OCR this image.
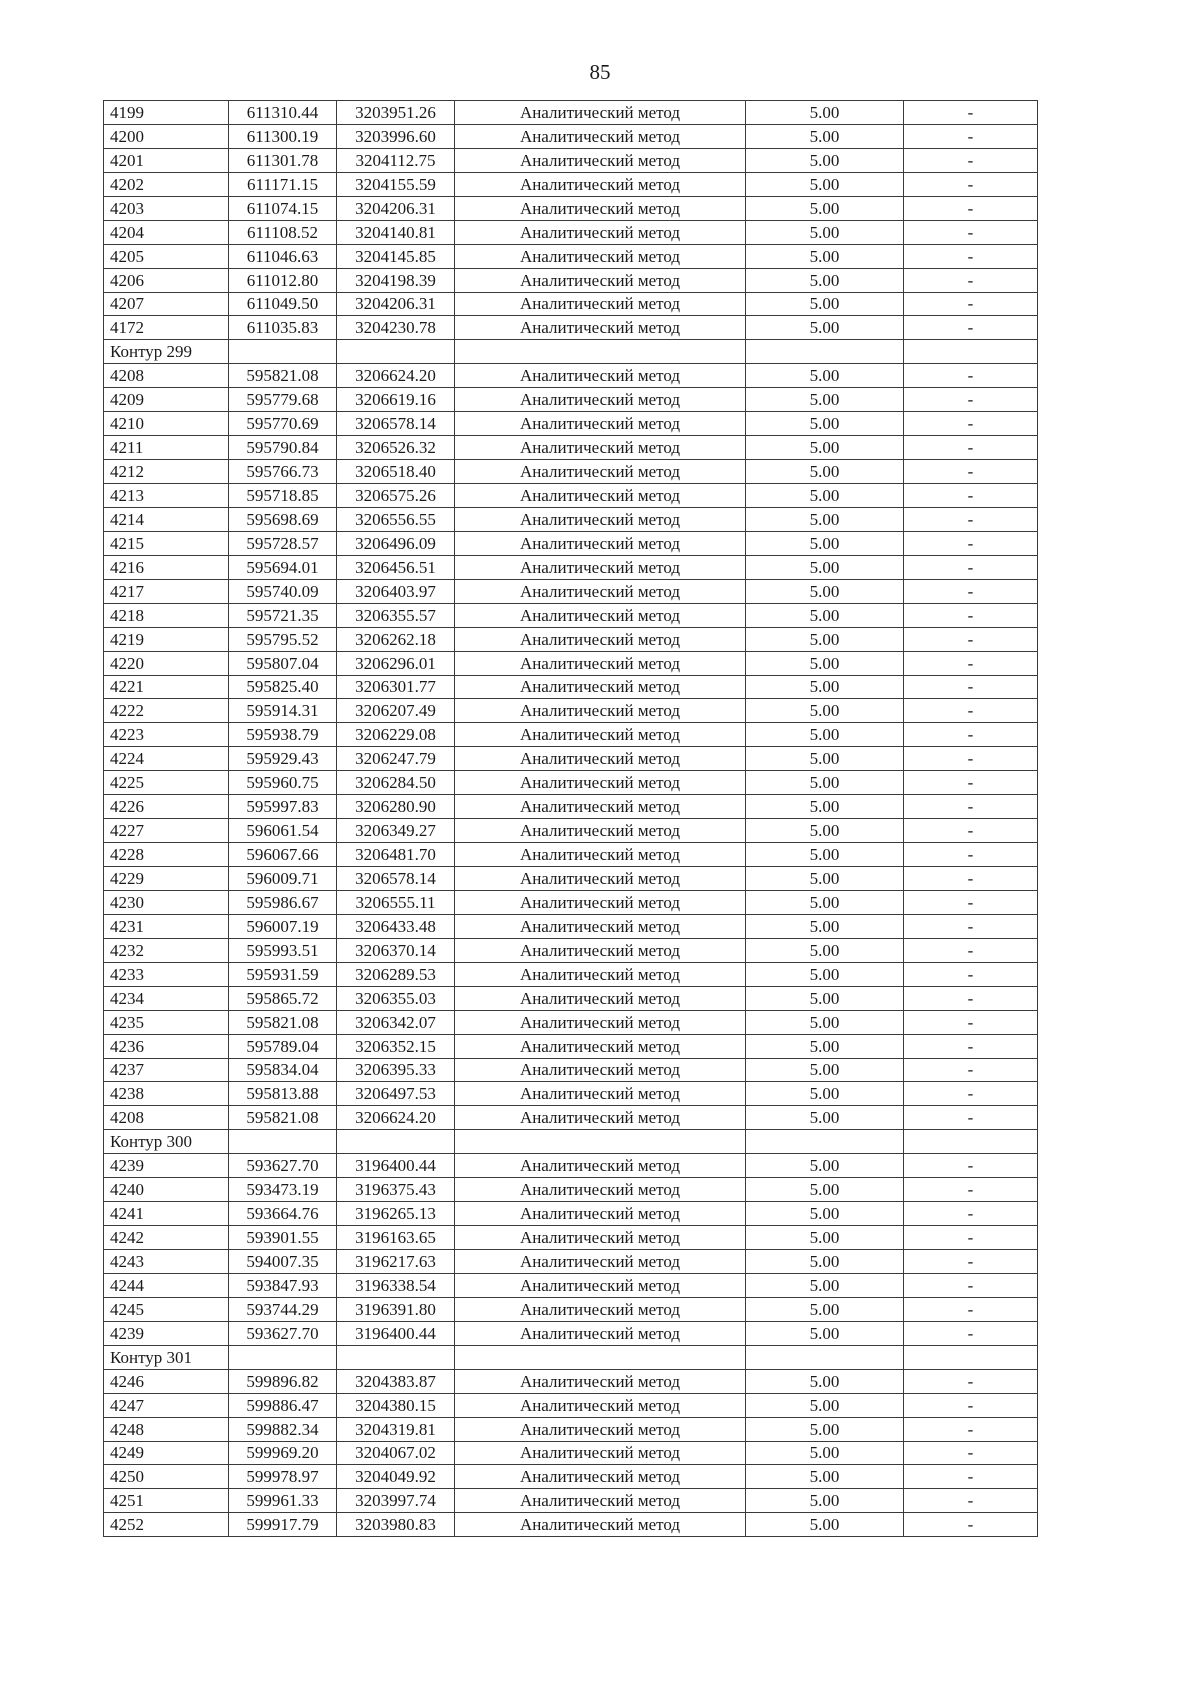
85
4199	611310.44	3203951.26	Аналитический метод	5.00	-
4200	611300.19	3203996.60	Аналитический метод	5.00	-
4201	611301.78	3204112.75	Аналитический метод	5.00	-
4202	611171.15	3204155.59	Аналитический метод	5.00	-
4203	611074.15	3204206.31	Аналитический метод	5.00	-
4204	611108.52	3204140.81	Аналитический метод	5.00	-
4205	611046.63	3204145.85	Аналитический метод	5.00	-
4206	611012.80	3204198.39	Аналитический метод	5.00	-
4207	611049.50	3204206.31	Аналитический метод	5.00	-
4172	611035.83	3204230.78	Аналитический метод	5.00	-
Контур 299					
4208	595821.08	3206624.20	Аналитический метод	5.00	-
4209	595779.68	3206619.16	Аналитический метод	5.00	-
4210	595770.69	3206578.14	Аналитический метод	5.00	-
4211	595790.84	3206526.32	Аналитический метод	5.00	-
4212	595766.73	3206518.40	Аналитический метод	5.00	-
4213	595718.85	3206575.26	Аналитический метод	5.00	-
4214	595698.69	3206556.55	Аналитический метод	5.00	-
4215	595728.57	3206496.09	Аналитический метод	5.00	-
4216	595694.01	3206456.51	Аналитический метод	5.00	-
4217	595740.09	3206403.97	Аналитический метод	5.00	-
4218	595721.35	3206355.57	Аналитический метод	5.00	-
4219	595795.52	3206262.18	Аналитический метод	5.00	-
4220	595807.04	3206296.01	Аналитический метод	5.00	-
4221	595825.40	3206301.77	Аналитический метод	5.00	-
4222	595914.31	3206207.49	Аналитический метод	5.00	-
4223	595938.79	3206229.08	Аналитический метод	5.00	-
4224	595929.43	3206247.79	Аналитический метод	5.00	-
4225	595960.75	3206284.50	Аналитический метод	5.00	-
4226	595997.83	3206280.90	Аналитический метод	5.00	-
4227	596061.54	3206349.27	Аналитический метод	5.00	-
4228	596067.66	3206481.70	Аналитический метод	5.00	-
4229	596009.71	3206578.14	Аналитический метод	5.00	-
4230	595986.67	3206555.11	Аналитический метод	5.00	-
4231	596007.19	3206433.48	Аналитический метод	5.00	-
4232	595993.51	3206370.14	Аналитический метод	5.00	-
4233	595931.59	3206289.53	Аналитический метод	5.00	-
4234	595865.72	3206355.03	Аналитический метод	5.00	-
4235	595821.08	3206342.07	Аналитический метод	5.00	-
4236	595789.04	3206352.15	Аналитический метод	5.00	-
4237	595834.04	3206395.33	Аналитический метод	5.00	-
4238	595813.88	3206497.53	Аналитический метод	5.00	-
4208	595821.08	3206624.20	Аналитический метод	5.00	-
Контур 300					
4239	593627.70	3196400.44	Аналитический метод	5.00	-
4240	593473.19	3196375.43	Аналитический метод	5.00	-
4241	593664.76	3196265.13	Аналитический метод	5.00	-
4242	593901.55	3196163.65	Аналитический метод	5.00	-
4243	594007.35	3196217.63	Аналитический метод	5.00	-
4244	593847.93	3196338.54	Аналитический метод	5.00	-
4245	593744.29	3196391.80	Аналитический метод	5.00	-
4239	593627.70	3196400.44	Аналитический метод	5.00	-
Контур 301					
4246	599896.82	3204383.87	Аналитический метод	5.00	-
4247	599886.47	3204380.15	Аналитический метод	5.00	-
4248	599882.34	3204319.81	Аналитический метод	5.00	-
4249	599969.20	3204067.02	Аналитический метод	5.00	-
4250	599978.97	3204049.92	Аналитический метод	5.00	-
4251	599961.33	3203997.74	Аналитический метод	5.00	-
4252	599917.79	3203980.83	Аналитический метод	5.00	-
